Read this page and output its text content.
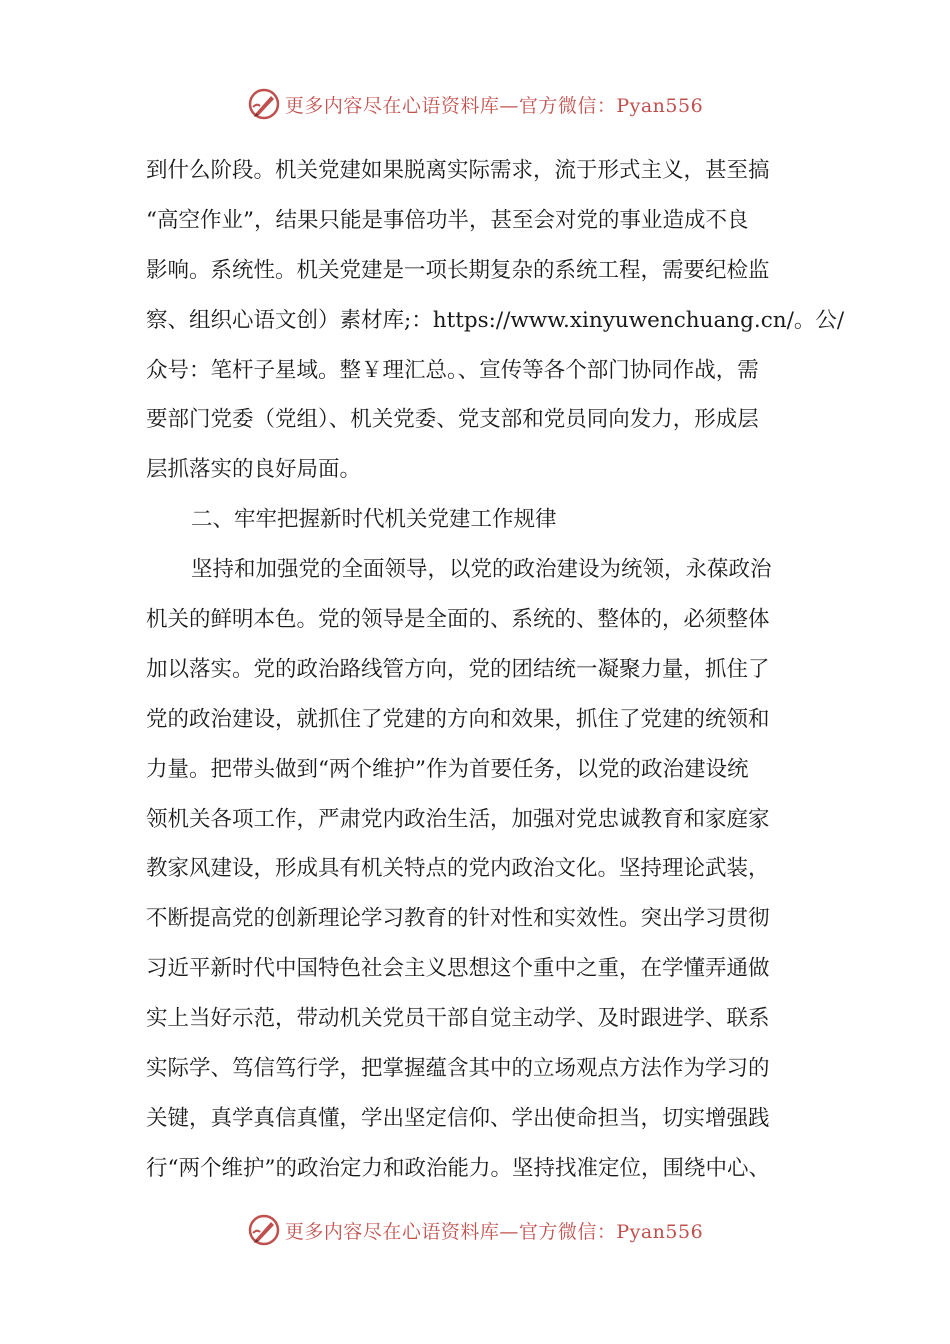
更多内容尽在心语资料库—官方微信：Pyan556
到什么阶段。机关党建如果脱离实际需求，流于形式主义，甚至搞
“高空作业”，结果只能是事倍功半，甚至会对党的事业造成不良
影响。系统性。机关党建是一项长期复杂的系统工程，需要纪检监
察、组织心语文创）素材库;：https://www.xinyuwenchuang.cn/。公/
众号：笔杆子星域。整￥理汇总。、宣传等各个部门协同作战，需
要部门党委（党组）、机关党委、党支部和党员同向发力，形成层
层抓落实的良好局面。
二、牢牢把握新时代机关党建工作规律
坚持和加强党的全面领导，以党的政治建设为统领，永葆政治
机关的鲜明本色。党的领导是全面的、系统的、整体的，必须整体
加以落实。党的政治路线管方向，党的团结统一凝聚力量，抓住了
党的政治建设，就抓住了党建的方向和效果，抓住了党建的统领和
力量。把带头做到“两个维护”作为首要任务，以党的政治建设统
领机关各项工作，严肃党内政治生活，加强对党忠诚教育和家庭家
教家风建设，形成具有机关特点的党内政治文化。坚持理论武装，
不断提高党的创新理论学习教育的针对性和实效性。突出学习贯彻
习近平新时代中国特色社会主义思想这个重中之重，在学懂弄通做
实上当好示范，带动机关党员干部自觉主动学、及时跟进学、联系
实际学、笃信笃行学，把掌握蕴含其中的立场观点方法作为学习的
关键，真学真信真懂，学出坚定信仰、学出使命担当，切实增强践
行“两个维护”的政治定力和政治能力。坚持找准定位，围绕中心、
更多内容尽在心语资料库—官方微信：Pyan556
